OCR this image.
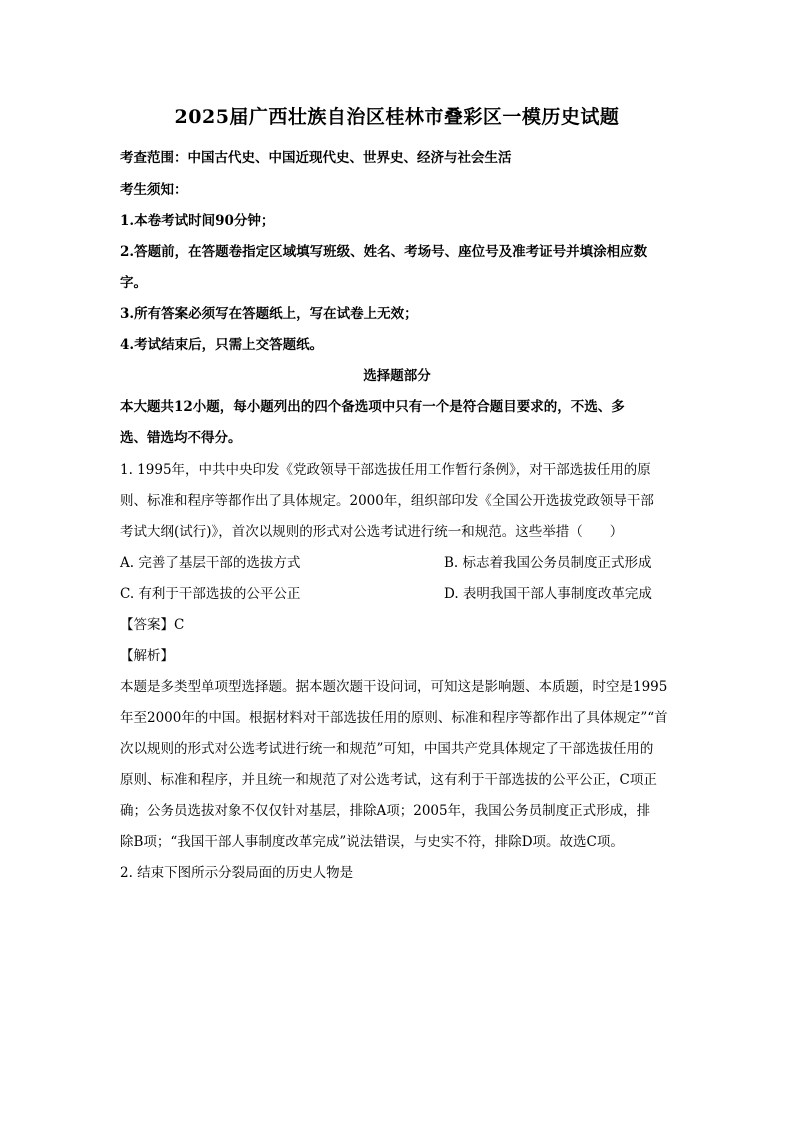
2025届广西壮族自治区桂林市叠彩区一模历史试题
考查范围：中国古代史、中国近现代史、世界史、经济与社会生活
考生须知：
1.本卷考试时间90分钟；
2.答题前，在答题卷指定区域填写班级、姓名、考场号、座位号及准考证号并填涂相应数
字。
3.所有答案必须写在答题纸上，写在试卷上无效；
4.考试结束后，只需上交答题纸。
选择题部分
本大题共12小题，每小题列出的四个备选项中只有一个是符合题目要求的，不选、多
选、错选均不得分。
1. 1995年，中共中央印发《党政领导干部选拔任用工作暂行条例》，对干部选拔任用的原
则、标准和程序等都作出了具体规定。2000年，组织部印发《全国公开选拔党政领导干部
考试大纲(试行)》，首次以规则的形式对公选考试进行统一和规范。这些举措（　　）
A. 完善了基层干部的选拔方式	B. 标志着我国公务员制度正式形成
C. 有利于干部选拔的公平公正	D. 表明我国干部人事制度改革完成
【答案】C
【解析】
本题是多类型单项型选择题。据本题次题干设问词，可知这是影响题、本质题，时空是1995
年至2000年的中国。根据材料对干部选拔任用的原则、标准和程序等都作出了具体规定”“首
次以规则的形式对公选考试进行统一和规范”可知，中国共产党具体规定了干部选拔任用的
原则、标准和程序，并且统一和规范了对公选考试，这有利于干部选拔的公平公正，C项正
确；公务员选拔对象不仅仅针对基层，排除A项；2005年，我国公务员制度正式形成，排
除B项；“我国干部人事制度改革完成”说法错误，与史实不符，排除D项。故选C项。
2. 结束下图所示分裂局面的历史人物是
